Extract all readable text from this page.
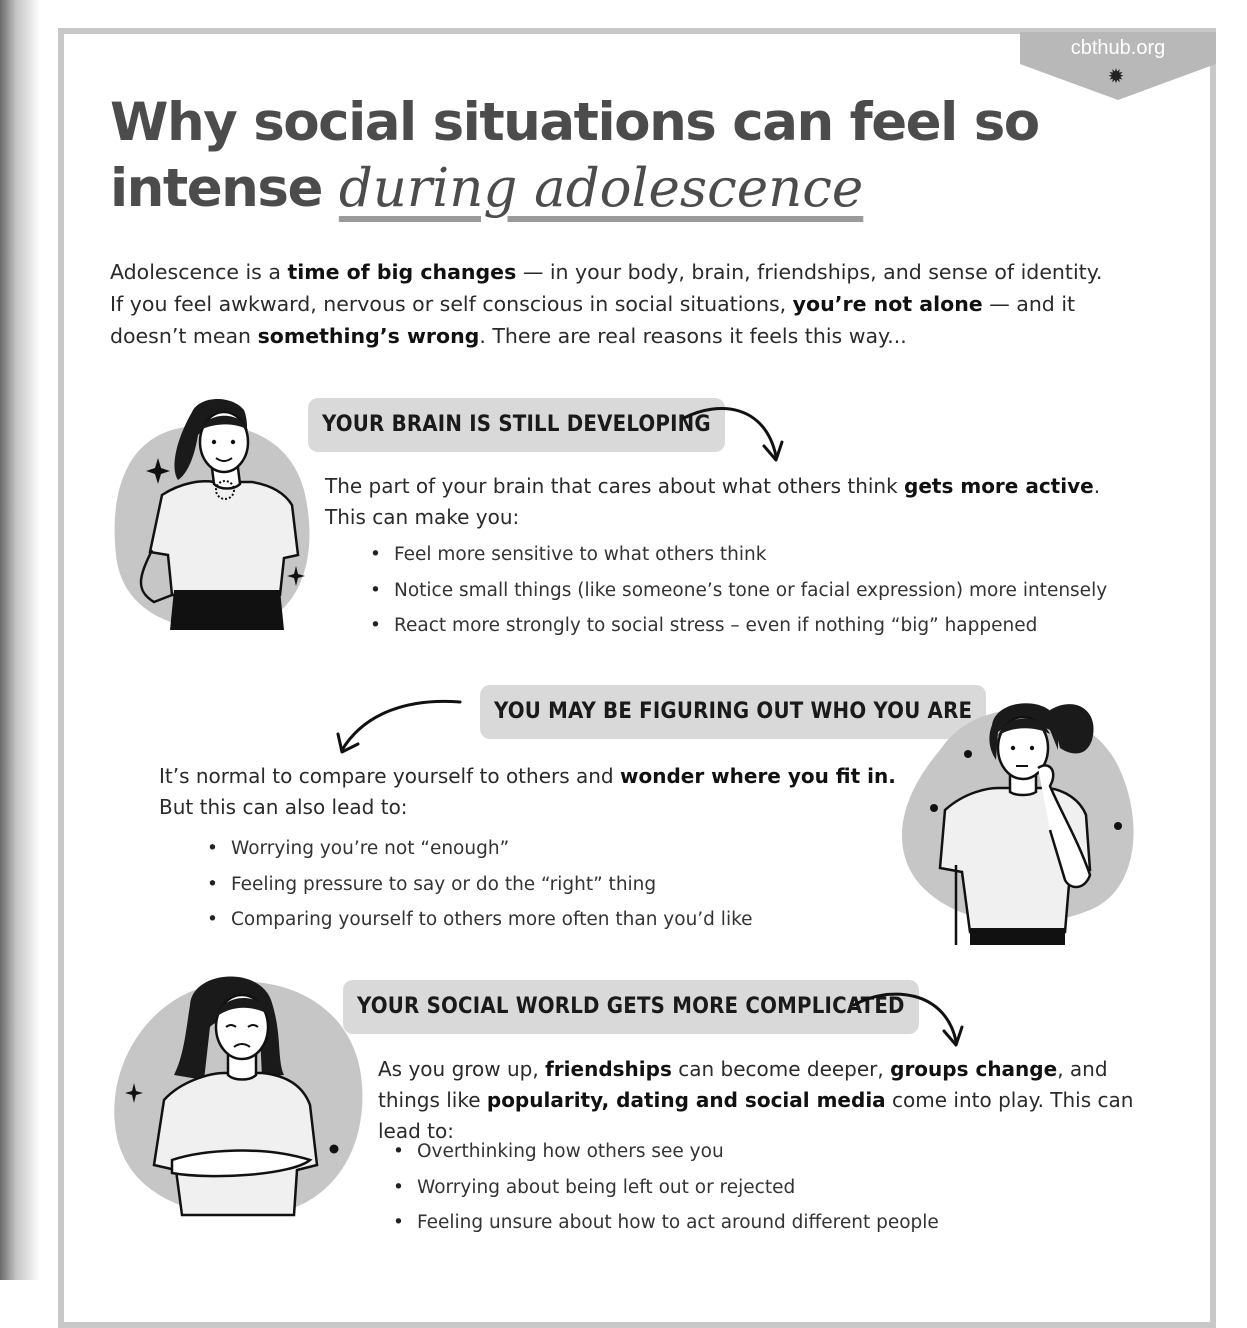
cbthub.org
✹
Why social situations can feel so
intense during adolescence

Adolescence is a time of big changes — in your body, brain, friendships, and sense of identity. If you feel awkward, nervous or self conscious in social situations, you’re not alone — and it doesn’t mean something’s wrong. There are real reasons it feels this way...

YOUR BRAIN IS STILL DEVELOPING

The part of your brain that cares about what others think gets more active. This can make you:

• Feel more sensitive to what others think
• Notice small things (like someone’s tone or facial expression) more intensely
• React more strongly to social stress – even if nothing “big” happened
YOU MAY BE FIGURING OUT WHO YOU ARE

It’s normal to compare yourself to others and wonder where you fit in. But this can also lead to:

• Worrying you’re not “enough”
• Feeling pressure to say or do the “right” thing
• Comparing yourself to others more often than you’d like
YOUR SOCIAL WORLD GETS MORE COMPLICATED

As you grow up, friendships can become deeper, groups change, and things like popularity, dating and social media come into play. This can lead to:

• Overthinking how others see you
• Worrying about being left out or rejected
• Feeling unsure about how to act around different people
